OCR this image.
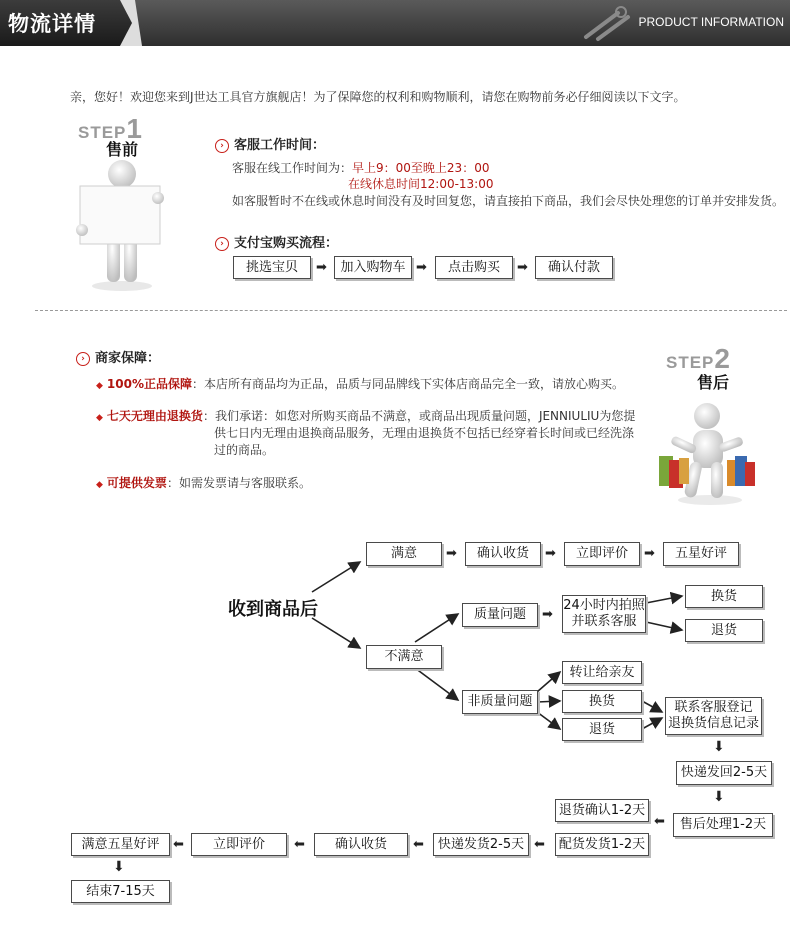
物流详情	PRODUCT INFORMATION
亲，您好！欢迎您来到J世达工具官方旗舰店！为了保障您的权利和购物顺利，请您在购物前务必仔细阅读以下文字。
STEP1
售前	› 客服工作时间：
客服在线工作时间为：早上9：00至晚上23：00
在线休息时间12:00-13:00
如客服暂时不在线或休息时间没有及时回复您，请直接拍下商品，我们会尽快处理您的订单并安排发货。
› 支付宝购买流程：
挑选宝贝	➡	加入购物车 ➡	点击购买	➡	确认付款
› 商家保障：
◆ 100%正品保障：本店所有商品均为正品，品质与同品牌线下实体店商品完全一致，请放心购买。
◆ 七天无理由退换货：我们承诺：如您对所购买商品不满意，或商品出现质量问题，JENNIULIU为您提
供七日内无理由退换商品服务，无理由退换货不包括已经穿着长时间或已经洗涤
过的商品。
◆ 可提供发票：如需发票请与客服联系。
STEP2
售后
收到商品后
满意	➡	确认收货	➡	立即评价	➡	五星好评
不满意
质量问题	➡
24小时内拍照
并联系客服
换货
退货
非质量问题
转让给亲友
换货
退货
联系客服登记
退换货信息记录
⬇
快递发回2-5天
⬇
售后处理1-2天
退货确认1-2天
⬅
配货发货1-2天
⬅
快递发货2-5天
⬅
确认收货
⬅
立即评价
⬅
满意五星好评
⬇
结束7-15天
